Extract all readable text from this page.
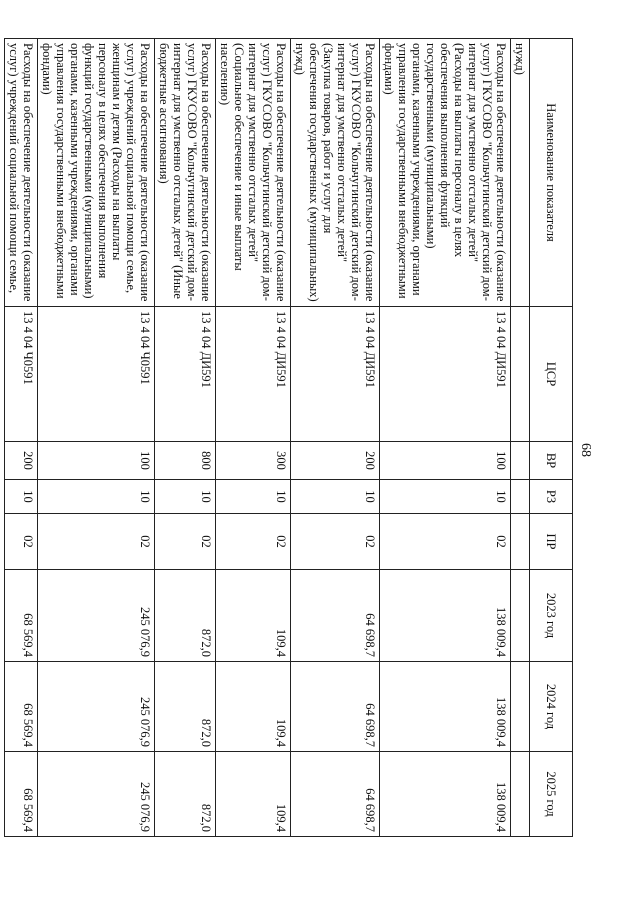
68
Наименование показателя	ЦСР	ВР	РЗ	ПР	2023 год	2024 год	2025 год
нужд)							
Расходы на обеспечение деятельности (оказание услуг) ГКУСОВО "Кольчугинский детский дом-интернат для умственно отсталых детей" (Расходы на выплаты персоналу в целях обеспечения выполнения функций государственными (муниципальными) органами, казенными учреждениями, органами управления государственными внебюджетными фондами)	13 4 04 ДИ591	100	10	02	138 009,4	138 009,4	138 009,4
Расходы на обеспечение деятельности (оказание услуг) ГКУСОВО "Кольчугинский детский дом-интернат для умственно отсталых детей" (Закупка товаров, работ и услуг для обеспечения государственных (муниципальных) нужд)	13 4 04 ДИ591	200	10	02	64 698,7	64 698,7	64 698,7
Расходы на обеспечение деятельности (оказание услуг) ГКУСОВО "Кольчугинский детский дом-интернат для умственно отсталых детей" (Социальное обеспечение и иные выплаты населению)	13 4 04 ДИ591	300	10	02	109,4	109,4	109,4
Расходы на обеспечение деятельности (оказание услуг) ГКУСОВО "Кольчугинский детский дом-интернат для умственно отсталых детей" (Иные бюджетные ассигнования)	13 4 04 ДИ591	800	10	02	872,0	872,0	872,0
Расходы на обеспечение деятельности (оказание услуг) учреждений социальной помощи семье, женщинам и детям (Расходы на выплаты персоналу в целях обеспечения выполнения функций государственными (муниципальными) органами, казенными учреждениями, органами управления государственными внебюджетными фондами)	13 4 04 Ч0591	100	10	02	245 076,9	245 076,9	245 076,9
Расходы на обеспечение деятельности (оказание услуг) учреждений социальной помощи семье,	13 4 04 Ч0591	200	10	02	68 569,4	68 569,4	68 569,4
